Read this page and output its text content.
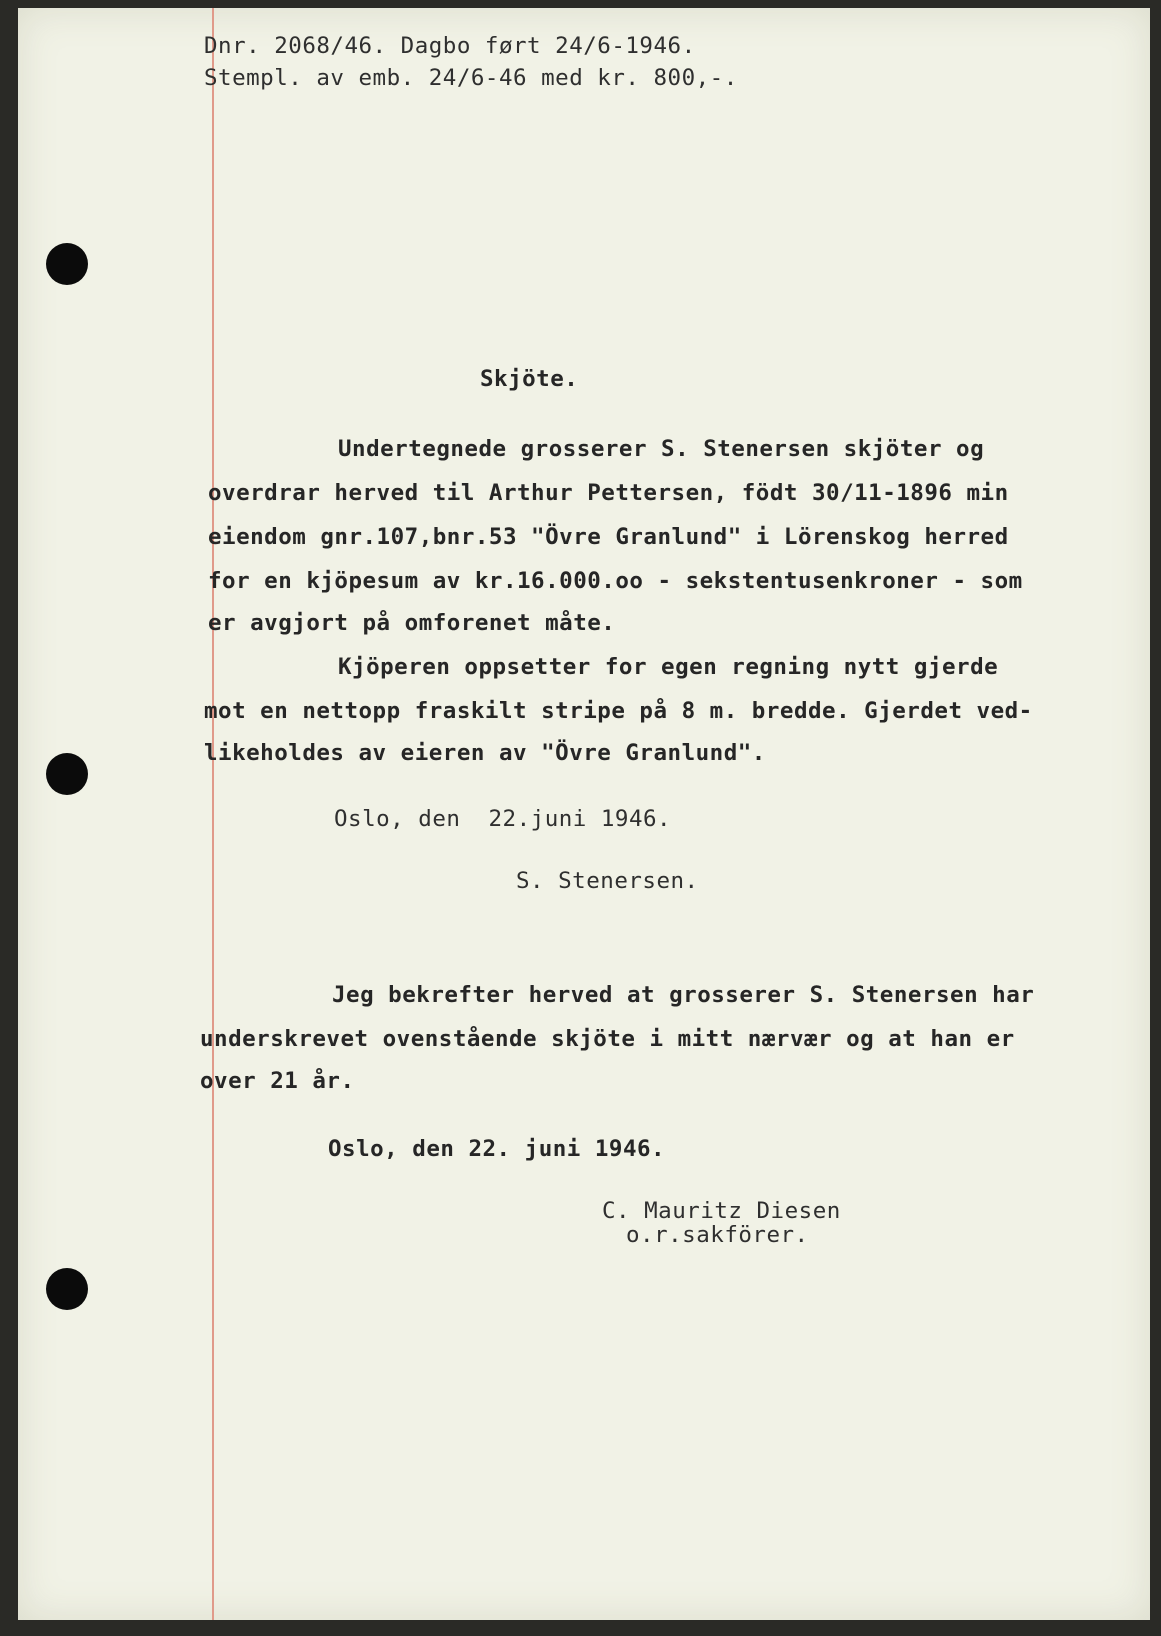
Dnr. 2068/46. Dagbo ført 24/6-1946.
Stempl. av emb. 24/6-46 med kr. 800,-.
Skjöte.
Undertegnede grosserer S. Stenersen skjöter og
overdrar herved til Arthur Pettersen, födt 30/11-1896 min
eiendom gnr.107,bnr.53 "Övre Granlund" i Lörenskog herred
for en kjöpesum av kr.16.000.oo - sekstentusenkroner - som
er avgjort på omforenet måte.
Kjöperen oppsetter for egen regning nytt gjerde
mot en nettopp fraskilt stripe på 8 m. bredde. Gjerdet ved-
likeholdes av eieren av "Övre Granlund".
Oslo, den  22.juni 1946.
S. Stenersen.
Jeg bekrefter herved at grosserer S. Stenersen har
underskrevet ovenstående skjöte i mitt nærvær og at han er
over 21 år.
Oslo, den 22. juni 1946.
C. Mauritz Diesen
o.r.sakförer.
